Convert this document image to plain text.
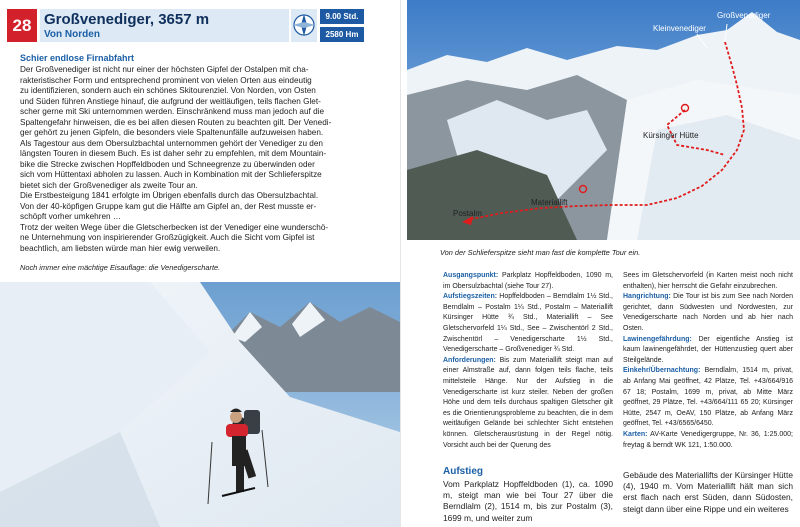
28 Großvenediger, 3657 m
Von Norden
9.00 Std.
2580 Hm
Schier endlose Firnabfahrt
Der Großvenediger ist nicht nur einer der höchsten Gipfel der Ostalpen mit cha-
rakteristischer Form und entsprechend prominent von vielen Orten aus eindeutig
zu identifizieren, sondern auch ein schönes Skitourenziel. Von Norden, von Osten
und Süden führen Anstiege hinauf, die aufgrund der weitläufigen, teils flachen Glet-
scher gerne mit Ski unternommen werden. Einschränkend muss man jedoch auf die
Spaltengefahr hinweisen, die es bei allen diesen Routen zu beachten gilt. Der Venedi-
ger gehört zu jenen Gipfeln, die besonders viele Spaltenunfälle aufzuweisen haben.
Als Tagestour aus dem Obersulzbachtal unternommen gehört der Venediger zu den
längsten Touren in diesem Buch. Es ist daher sehr zu empfehlen, mit dem Mountain-
bike die Strecke zwischen Hopffeldboden und Schneegrenze zu überwinden oder
sich vom Hüttentaxi abholen zu lassen. Auch in Kombination mit der Schlieferspitze
bietet sich der Großvenediger als zweite Tour an.
Die Erstbesteigung 1841 erfolgte im Übrigen ebenfalls durch das Obersulzbachtal.
Von der 40-köpfigen Gruppe kam gut die Hälfte am Gipfel an, der Rest musste er-
schöpft vorher umkehren …
Trotz der weiten Wege über die Gletscherbecken ist der Venediger eine wunderschö-
ne Unternehmung von inspirierender Großzügigkeit. Auch die Sicht vom Gipfel ist
beachtlich, am liebsten würde man hier ewig verweilen.
Noch immer eine mächtige Eisauflage: die Venedigerscharte.
Großvenediger
Kleinvenediger
Kürsinger Hütte
Materiallift
Postalm
Von der Schlieferspitze sieht man fast die komplette Tour ein.
Ausgangspunkt: Parkplatz Hopffeldboden, 1090 m, im Obersulzbachtal (siehe Tour 27).
Aufstiegszeiten: Hopffeldboden – Berndlalm 1½ Std., Berndlalm – Postalm 1¼ Std., Postalm – Materiallift Kürsinger Hütte ¾ Std., Materiallift – See Gletschervorfeld 1¼ Std., See – Zwischentörl 2 Std., Zwischentörl – Venedigerscharte 1½ Std., Venedigerscharte – Großvenediger ¾ Std.
Anforderungen: Bis zum Materiallift steigt man auf einer Almstraße auf, dann folgen teils flache, teils mittelsteile Hänge. Nur der Aufstieg in die Venedigerscharte ist kurz steiler. Neben der großen Höhe und dem teils durchaus spaltigen Gletscher gilt es die Orientierungsprobleme zu beachten, die in dem weitläufigen Gelände bei schlechter Sicht entstehen können. Gletscherausrüstung in der Regel nötig. Vorsicht auch bei der Querung des
Sees im Gletschervorfeld (in Karten meist noch nicht enthalten), hier herrscht die Gefahr einzubrechen.
Hangrichtung: Die Tour ist bis zum See nach Norden gerichtet, dann Südwesten und Nordwesten, zur Venedigerscharte nach Norden und ab hier nach Osten.
Lawinengefährdung: Der eigentliche Anstieg ist kaum lawinengefährdet, der Hüttenzustieg quert aber Steilgelände.
Einkehr/Übernachtung: Berndlalm, 1514 m, privat, ab Anfang Mai geöffnet, 42 Plätze, Tel. +43/664/916 67 18; Postalm, 1699 m, privat, ab Mitte März geöffnet, 29 Plätze, Tel. +43/664/111 65 20; Kürsinger Hütte, 2547 m, OeAV, 150 Plätze, ab Anfang März geöffnet, Tel. +43/6565/6450.
Karten: AV-Karte Venedigergruppe, Nr. 36, 1:25.000; freytag & berndt WK 121, 1:50.000.
Aufstieg
Vom Parkplatz Hopffeldboden (1), ca. 1090 m, steigt man wie bei Tour 27 über die Berndlalm (2), 1514 m, bis zur Postalm (3), 1699 m, und weiter zum
Gebäude des Materiallifts der Kürsinger Hütte (4), 1940 m. Vom Materiallift hält man sich erst flach nach erst Süden, dann Südosten, steigt dann über eine Rippe und ein weiteres
